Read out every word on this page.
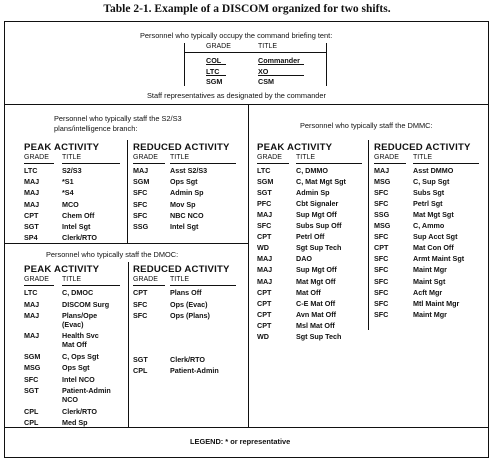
Table 2-1. Example of a DISCOM organized for two shifts.
Personnel who typically occupy the command briefing tent:
GRADE	TITLE
COL	Commander
LTC	XO
SGM	CSM
Staff representatives as designated by the commander
Personnel who typically staff the S2/S3
plans/intelligence branch:
PEAK ACTIVITY	REDUCED ACTIVITY
GRADE TITLE	GRADE TITLE
LTC	S2/S3
MAJ	*S1
MAJ	*S4
MAJ	MCO
CPT	Chem Off
SGT	Intel Sgt
SP4	Clerk/RTO
MAJ	Asst S2/S3
SGM	Ops Sgt
SFC	Admin Sp
SFC	Mov Sp
SFC	NBC NCO
SSG	Intel Sgt
Personnel who typically staff the DMOC:
PEAK ACTIVITY	REDUCED ACTIVITY
GRADE TITLE	GRADE TITLE
LTC	C, DMOC
MAJ	DISCOM Surg
MAJ	Plans/Ope
(Evac)
MAJ	Health Svc
Mat Off
SGM	C, Ops Sgt
MSG	Ops Sgt
SFC	Intel NCO
SGT	Patient-Admin
NCO
CPL	Clerk/RTO
CPL	Med Sp
CPT	Plans Off
SFC	Ops (Evac)
SFC	Ops (Plans)
SGT	Clerk/RTO
CPL	Patient-Admin
Personnel who typically staff the DMMC:
PEAK ACTIVITY	REDUCED ACTIVITY
GRADE TITLE	GRADE TITLE
LTC	C, DMMO
SGM	C, Mat Mgt Sgt
SGT	Admin Sp
PFC	Cbt Signaler
MAJ	Sup Mgt Off
SFC	Subs Sup Off
CPT	Petrl Off
WD	Sgt Sup Tech
MAJ	DAO
MAJ	Sup Mgt Off
MAJ	Mat Mgt Off
CPT	Mat Off
CPT	C-E Mat Off
CPT	Avn Mat Off
CPT	Msl Mat Off
WD	Sgt Sup Tech
MAJ	Asst DMMO
MSG	C, Sup Sgt
SFC	Subs Sgt
SFC	Petrl Sgt
SSG	Mat Mgt Sgt
MSG	C, Ammo
SFC	Sup Acct Sgt
CPT	Mat Con Off
SFC	Armt Maint Sgt
SFC	Maint Mgr
SFC	Maint Sgt
SFC	Acft Mgr
SFC	Mtl Maint Mgr
SFC	Maint Mgr
LEGEND: * or representative
